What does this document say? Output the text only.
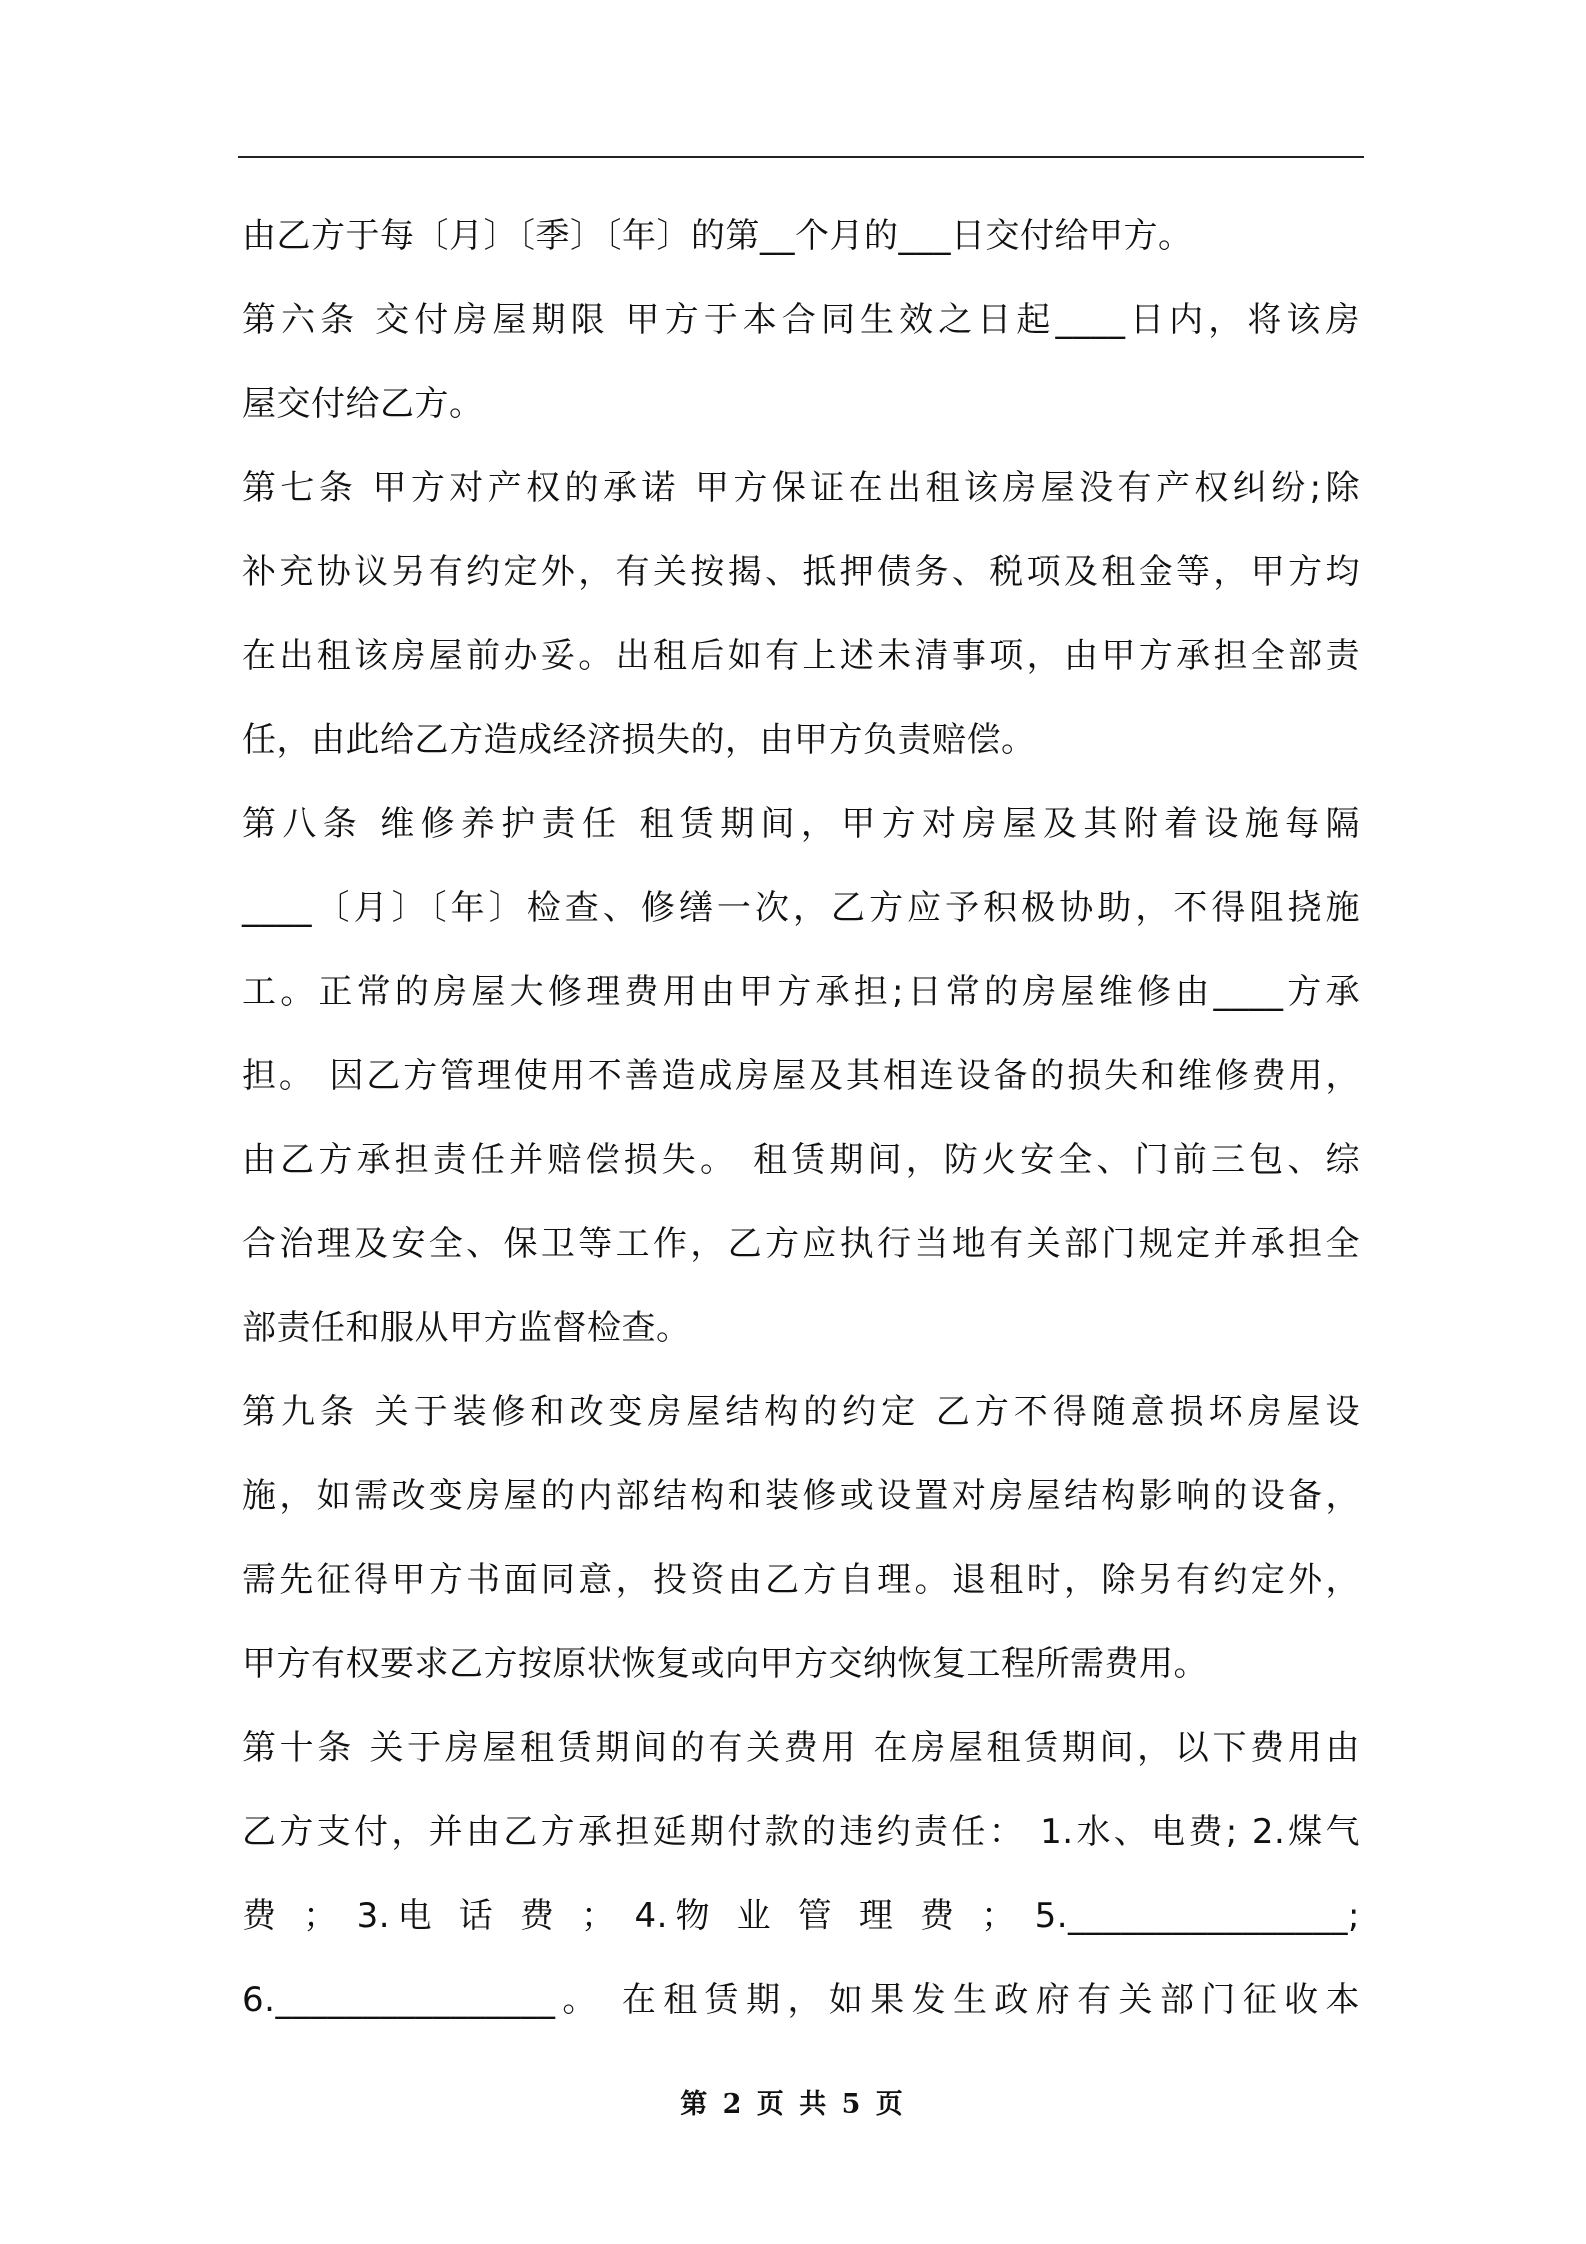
由乙方于每〔月〕〔季〕〔年〕的第__个月的___日交付给甲方。
第六条 交付房屋期限 甲方于本合同生效之日起____日内，将该房
屋交付给乙方。
第七条 甲方对产权的承诺 甲方保证在出租该房屋没有产权纠纷;除
补充协议另有约定外，有关按揭、抵押债务、税项及租金等，甲方均
在出租该房屋前办妥。出租后如有上述未清事项，由甲方承担全部责
任，由此给乙方造成经济损失的，由甲方负责赔偿。
第八条 维修养护责任 租赁期间，甲方对房屋及其附着设施每隔
____〔月〕〔年〕检查、修缮一次，乙方应予积极协助，不得阻挠施
工。正常的房屋大修理费用由甲方承担;日常的房屋维修由____方承
担。 因乙方管理使用不善造成房屋及其相连设备的损失和维修费用，
由乙方承担责任并赔偿损失。 租赁期间，防火安全、门前三包、综
合治理及安全、保卫等工作，乙方应执行当地有关部门规定并承担全
部责任和服从甲方监督检查。
第九条 关于装修和改变房屋结构的约定 乙方不得随意损坏房屋设
施，如需改变房屋的内部结构和装修或设置对房屋结构影响的设备，
需先征得甲方书面同意，投资由乙方自理。退租时，除另有约定外，
甲方有权要求乙方按原状恢复或向甲方交纳恢复工程所需费用。
第十条 关于房屋租赁期间的有关费用 在房屋租赁期间，以下费用由
乙方支付，并由乙方承担延期付款的违约责任： 1.水、电费; 2.煤气
费 ； 3.电 话 费 ； 4.物 业 管 理 费 ； 5.________________;
6.________________。 在租赁期，如果发生政府有关部门征收本
第 2 页 共 5 页
